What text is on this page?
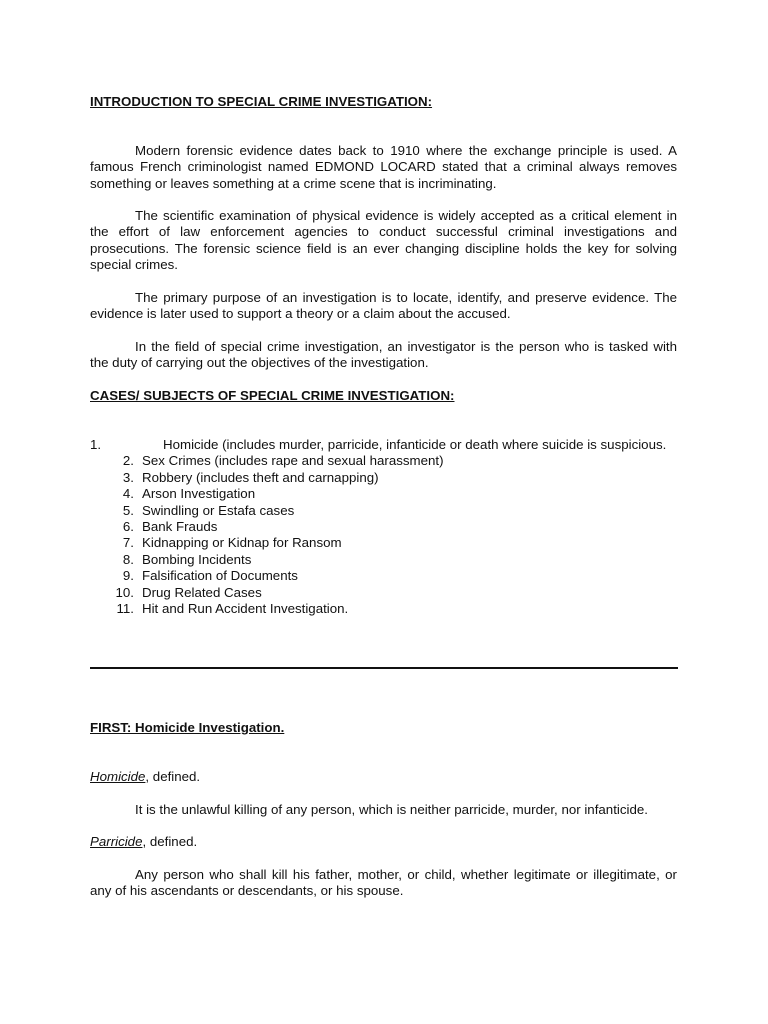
INTRODUCTION TO SPECIAL CRIME INVESTIGATION:

Modern forensic evidence dates back to 1910 where the exchange principle is used. A famous French criminologist named EDMOND LOCARD stated that a criminal always removes something or leaves something at a crime scene that is incriminating.

The scientific examination of physical evidence is widely accepted as a critical element in the effort of law enforcement agencies to conduct successful criminal investigations and prosecutions. The forensic science field is an ever changing discipline holds the key for solving special crimes.

The primary purpose of an investigation is to locate, identify, and preserve evidence. The evidence is later used to support a theory or a claim about the accused.

In the field of special crime investigation, an investigator is the person who is tasked with the duty of carrying out the objectives of the investigation.

CASES/ SUBJECTS OF SPECIAL CRIME INVESTIGATION:
1.	Homicide (includes murder, parricide, infanticide or death where suicide is suspicious.
2. Sex Crimes (includes rape and sexual harassment)
3. Robbery (includes theft and carnapping)
4. Arson Investigation
5. Swindling or Estafa cases
6. Bank Frauds
7. Kidnapping or Kidnap for Ransom
8. Bombing Incidents
9. Falsification of Documents
10. Drug Related Cases
11. Hit and Run Accident Investigation.
FIRST: Homicide Investigation.
Homicide, defined.

It is the unlawful killing of any person, which is neither parricide, murder, nor infanticide.

Parricide, defined.

Any person who shall kill his father, mother, or child, whether legitimate or illegitimate, or any of his ascendants or descendants, or his spouse.
